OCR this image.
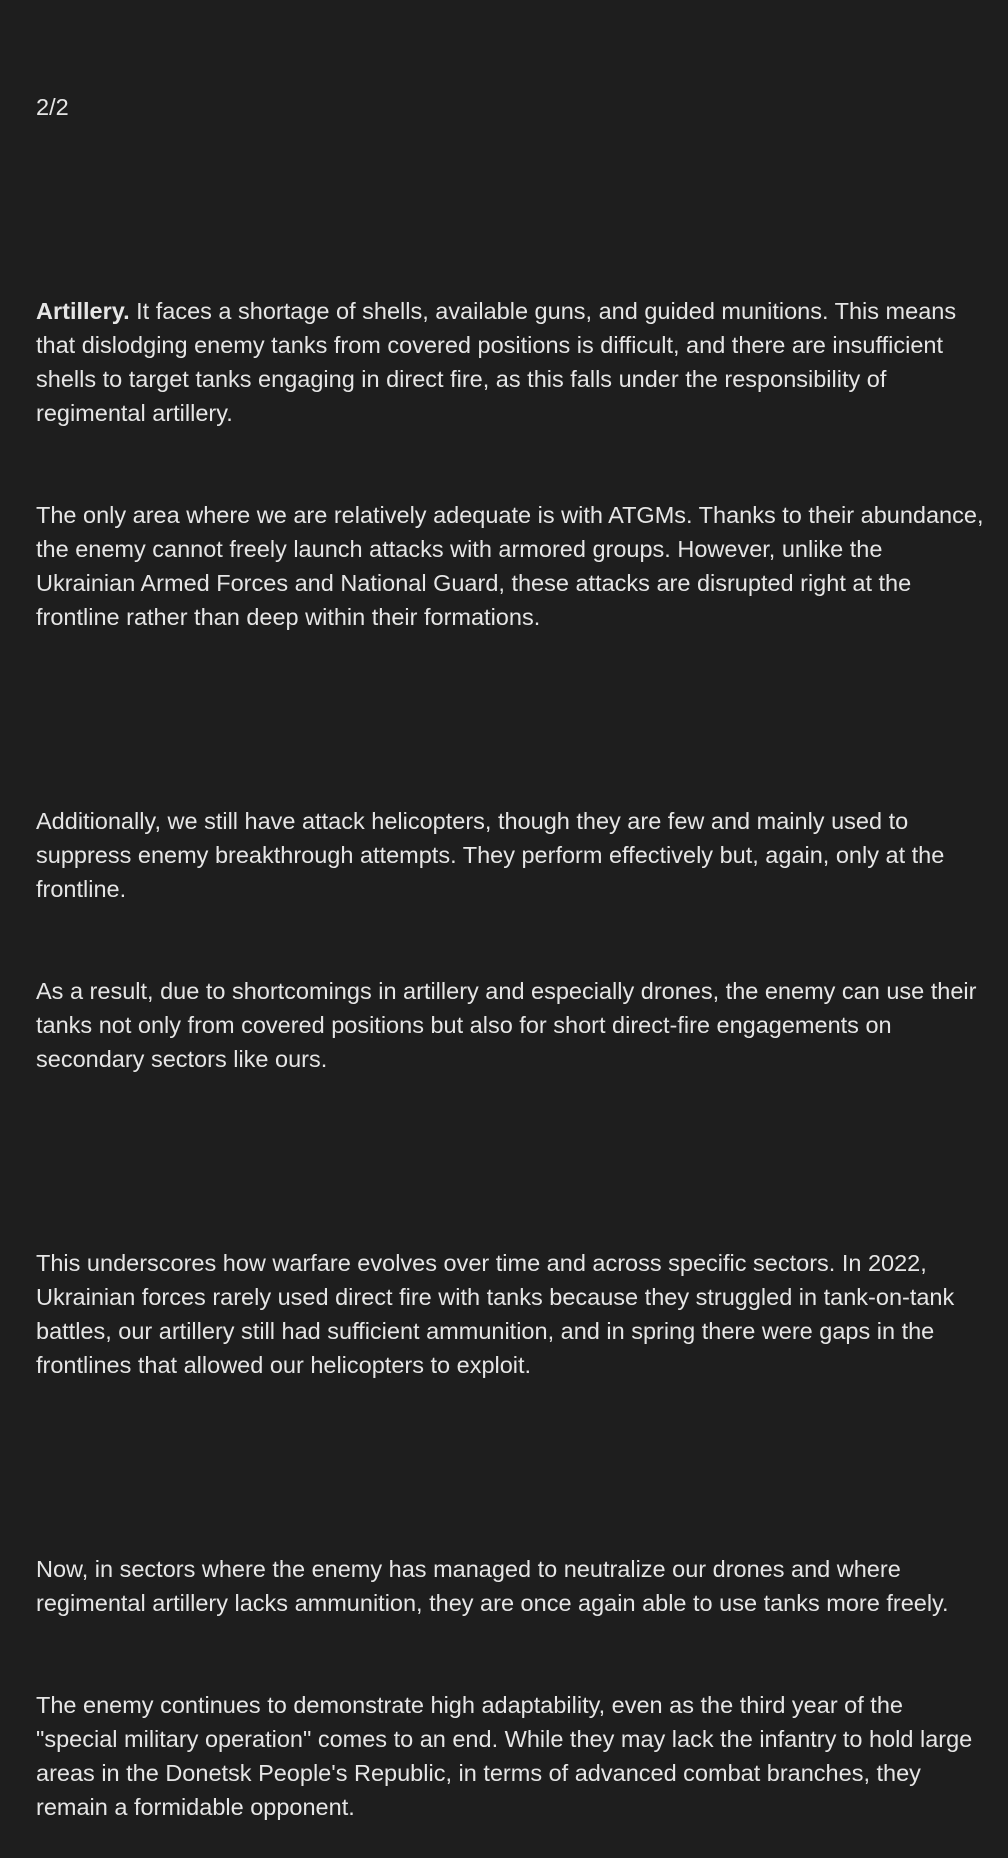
2/2

Artillery. It faces a shortage of shells, available guns, and guided munitions. This means that dislodging enemy tanks from covered positions is difficult, and there are insufficient shells to target tanks engaging in direct fire, as this falls under the responsibility of regimental artillery.

The only area where we are relatively adequate is with ATGMs. Thanks to their abundance, the enemy cannot freely launch attacks with armored groups. However, unlike the Ukrainian Armed Forces and National Guard, these attacks are disrupted right at the frontline rather than deep within their formations.

Additionally, we still have attack helicopters, though they are few and mainly used to suppress enemy breakthrough attempts. They perform effectively but, again, only at the frontline.

As a result, due to shortcomings in artillery and especially drones, the enemy can use their tanks not only from covered positions but also for short direct-fire engagements on secondary sectors like ours.

This underscores how warfare evolves over time and across specific sectors. In 2022, Ukrainian forces rarely used direct fire with tanks because they struggled in tank-on-tank battles, our artillery still had sufficient ammunition, and in spring there were gaps in the frontlines that allowed our helicopters to exploit.

Now, in sectors where the enemy has managed to neutralize our drones and where regimental artillery lacks ammunition, they are once again able to use tanks more freely.

The enemy continues to demonstrate high adaptability, even as the third year of the "special military operation" comes to an end. While they may lack the infantry to hold large areas in the Donetsk People's Republic, in terms of advanced combat branches, they remain a formidable opponent.
